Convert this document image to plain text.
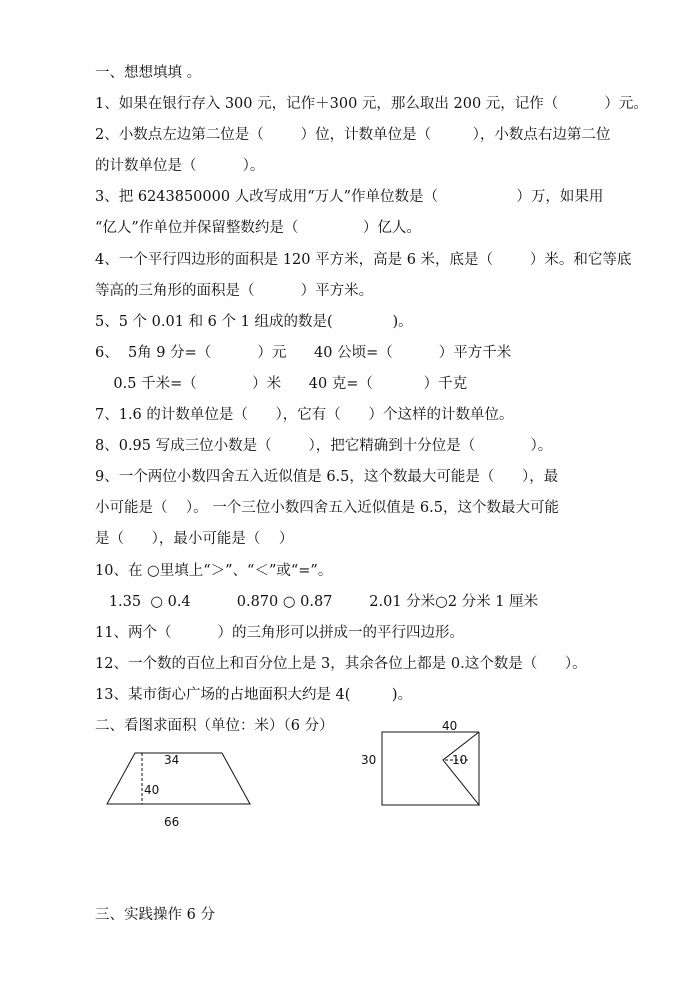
一、想想填填 。
1、如果在银行存入 300 元，记作＋300 元，那么取出 200 元，记作（          ）元。
2、小数点左边第二位是（        ）位，计数单位是（         ），小数点右边第二位
的计数单位是（          ）。
3、把 6243850000 人改写成用“万人”作单位数是（                 ）万，如果用
“亿人”作单位并保留整数约是（              ）亿人。
4、一个平行四边形的面积是 120 平方米，高是 6 米，底是（        ）米。和它等底
等高的三角形的面积是（          ）平方米。
5、5 个 0.01 和 6 个 1 组成的数是(             )。
6、  5角 9 分=（          ）元      40 公顷=（          ）平方千米
0.5 千米=（            ）米      40 克=（           ）千克
7、1.6 的计数单位是（      ），它有（      ）个这样的计数单位。
8、0.95 写成三位小数是（        ），把它精确到十分位是（            ）。
9、一个两位小数四舍五入近似值是 6.5，这个数最大可能是（      ），最
小可能是（    ）。 一个三位小数四舍五入近似值是 6.5，这个数最大可能
是（      ），最小可能是（    ）
10、在 ○里填上“＞”、“＜”或“=”。
1.35  ○ 0.4          0.870 ○ 0.87        2.01 分米○2 分米 1 厘米
11、两个（          ）的三角形可以拼成一的平行四边形。
12、一个数的百位上和百分位上是 3，其余各位上都是 0.这个数是（      ）。
13、某市街心广场的占地面积大约是 4(         )。
二、看图求面积（单位：米）（6 分）
34
40
66
40
30	10
三、实践操作 6 分
